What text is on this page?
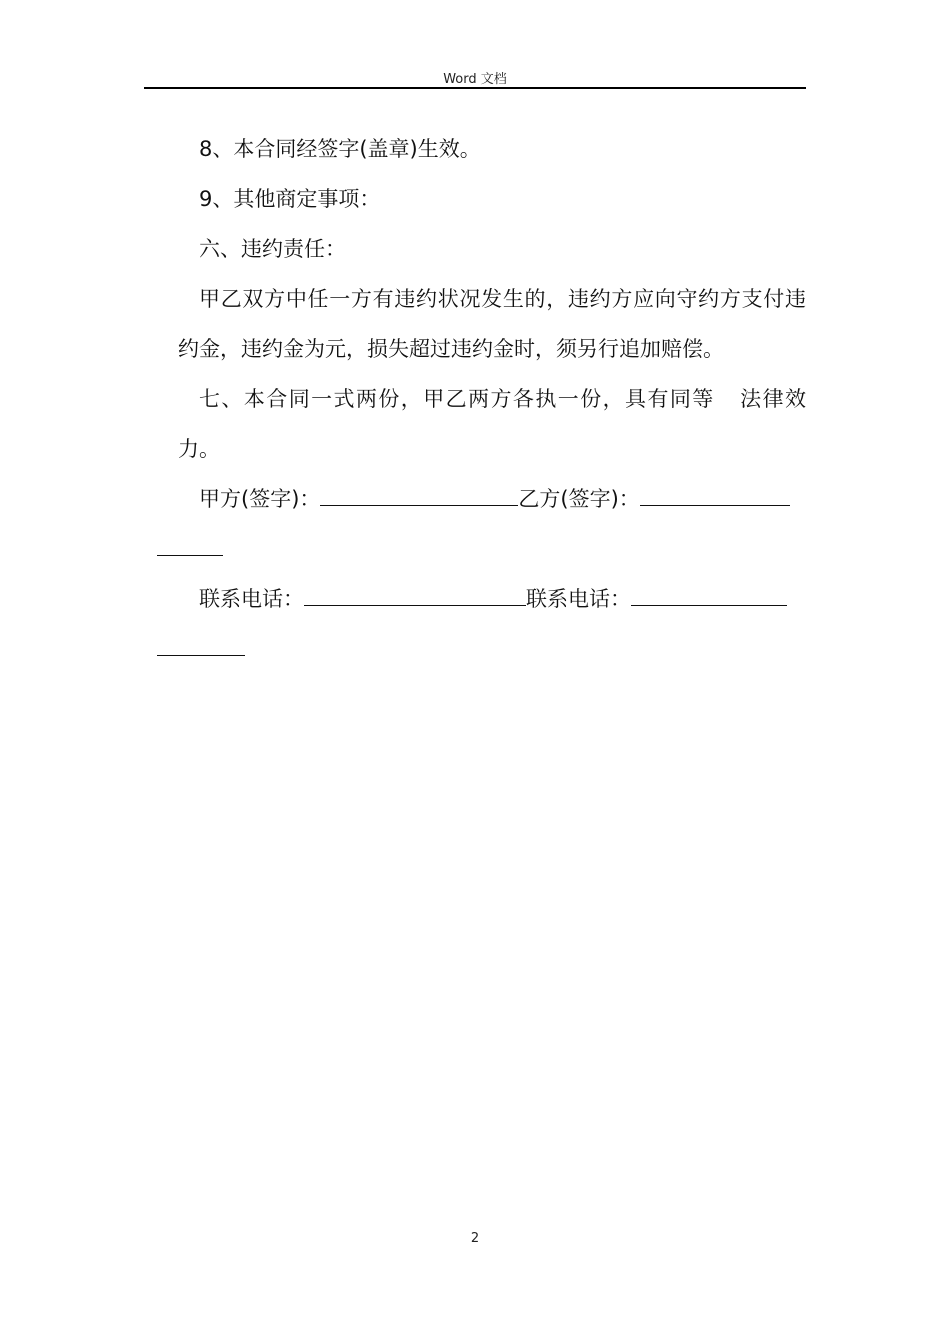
Word 文档

8、本合同经签字(盖章)生效。

9、其他商定事项：

六、违约责任：

甲乙双方中任一方有违约状况发生的，违约方应向守约方支付违约金，违约金为元，损失超过违约金时，须另行追加赔偿。

七、本合同一式两份，甲乙两方各执一份，具有同等 法律效力。

甲方(签字)：	乙方(签字)：

联系电话：	联系电话：

2
